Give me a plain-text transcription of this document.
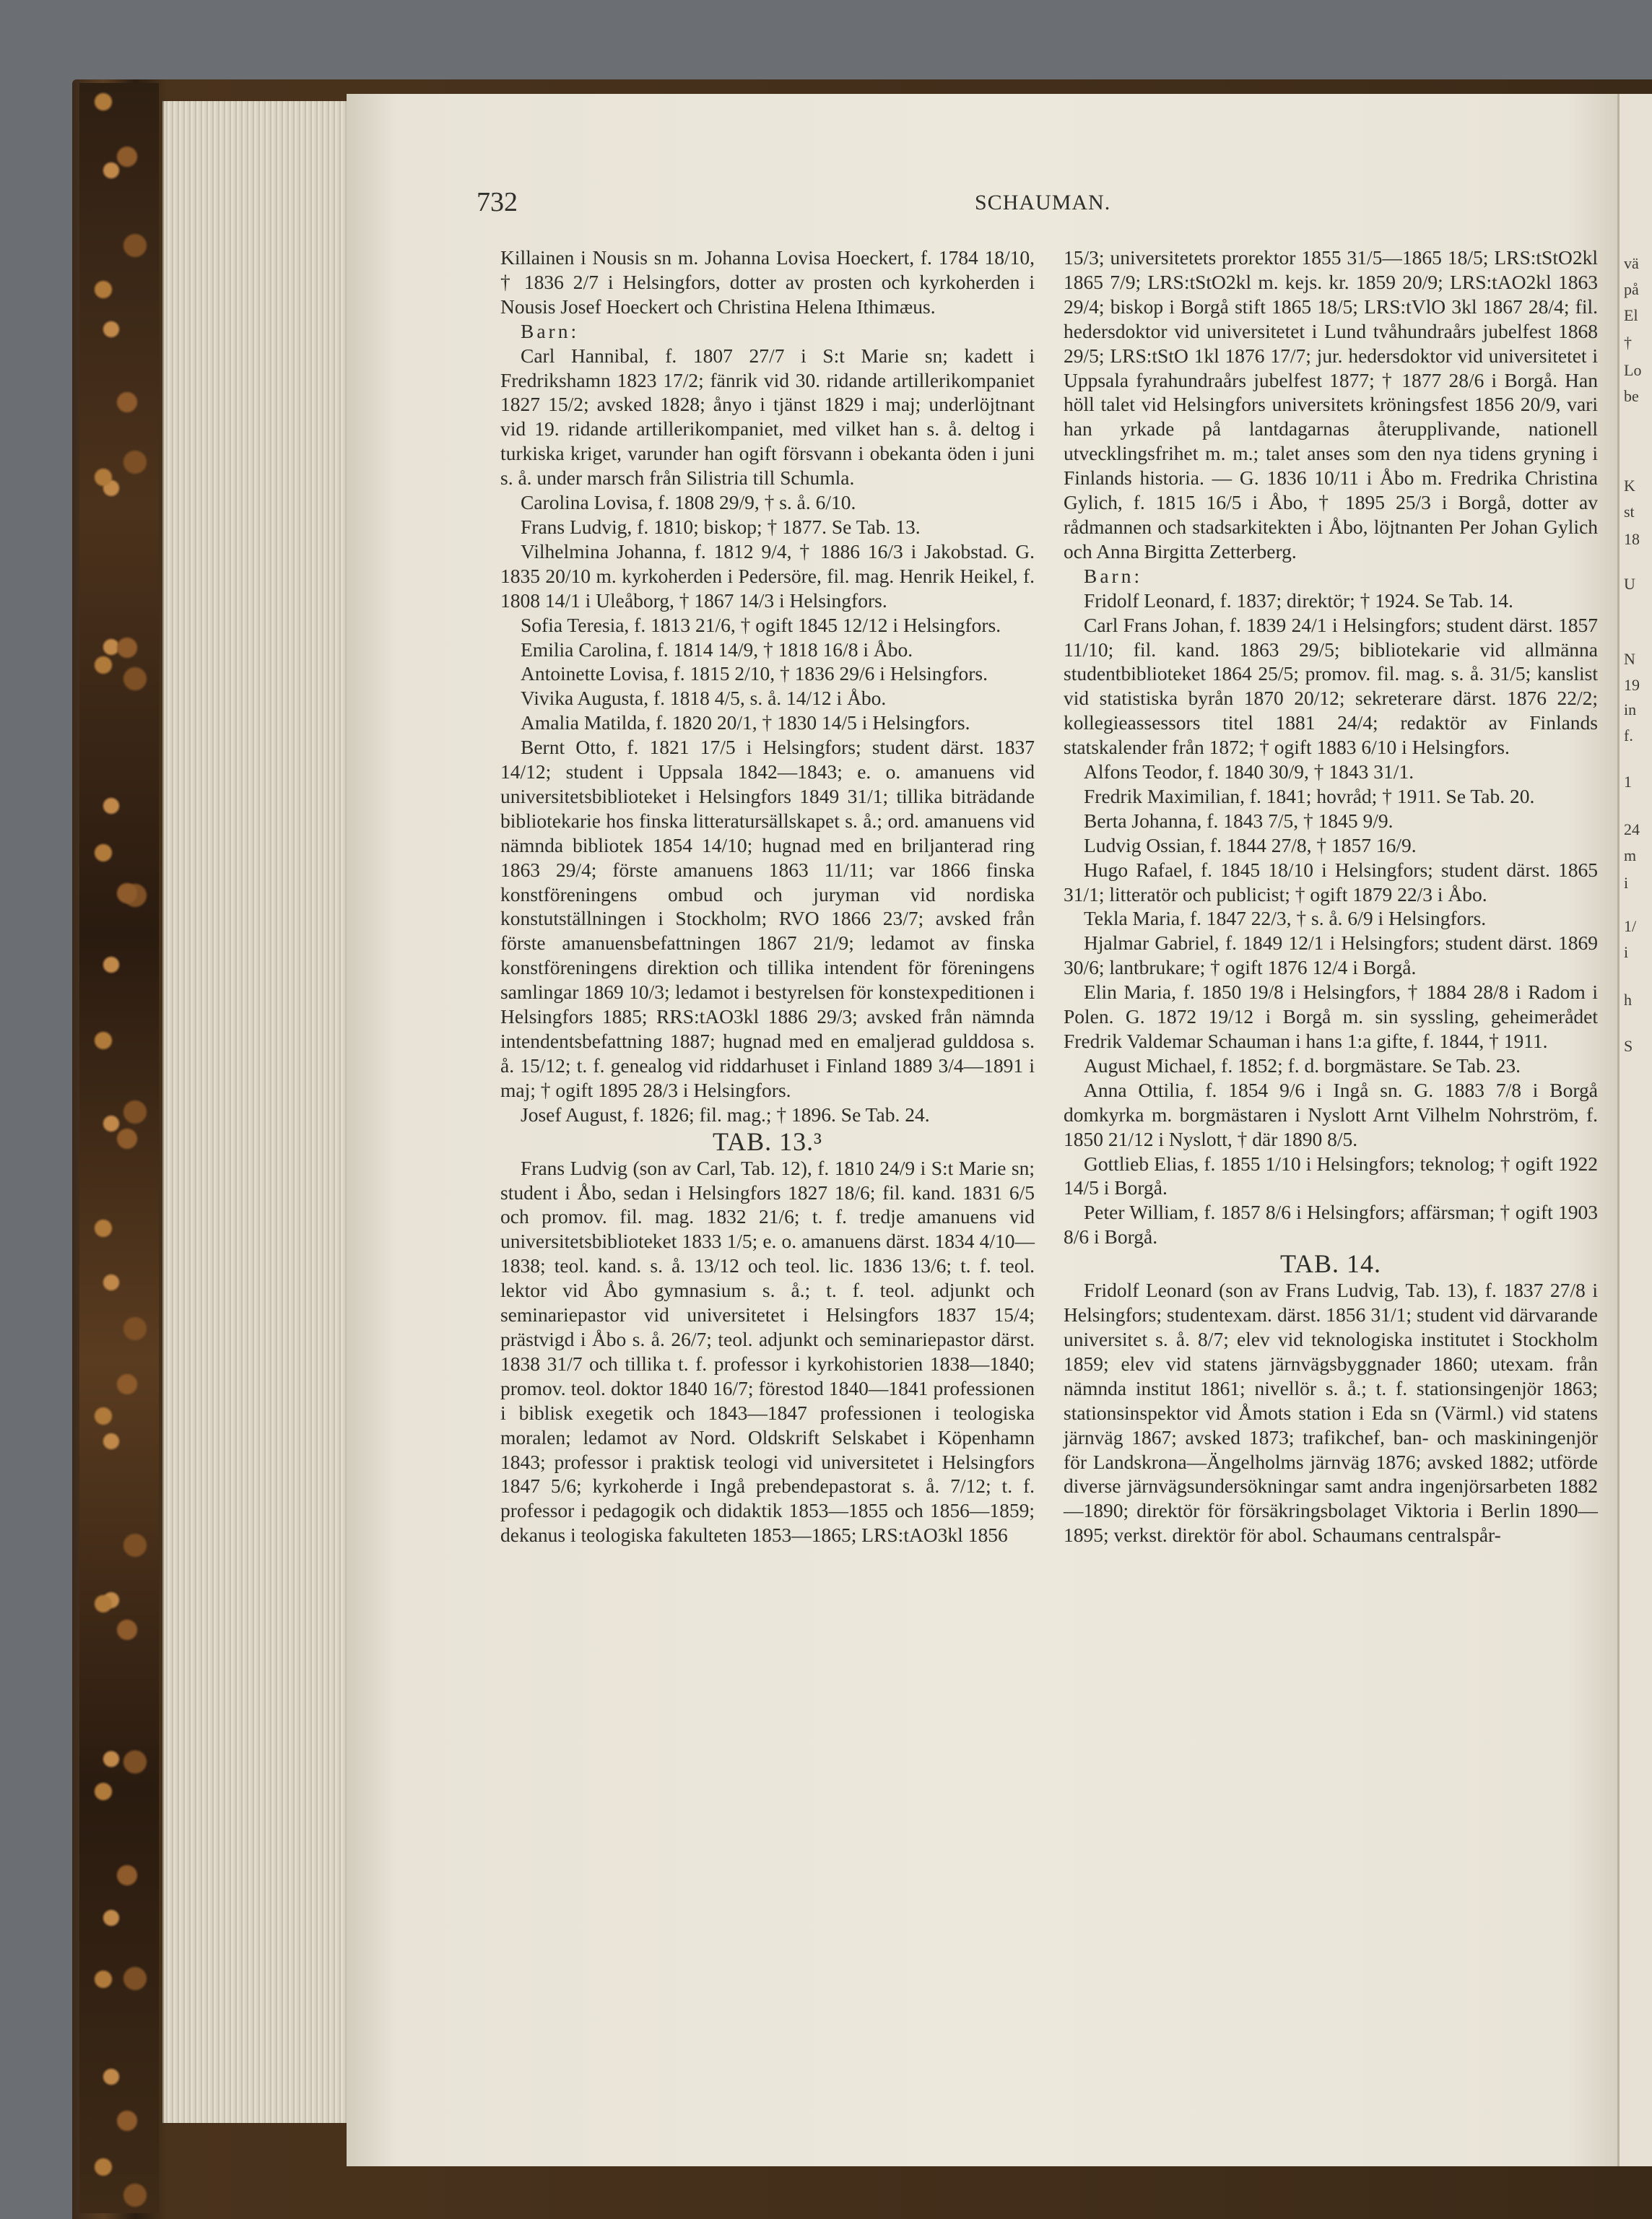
vä
på
El
†
Lo
be
K
st
18
U
N
19
in
f.
1
24
m
i
1/
i
h
S
732	SCHAUMAN.

Killainen i Nousis sn m. Johanna Lovisa Hoeckert, f. 1784 18/10, † 1836 2/7 i Helsingfors, dotter av prosten och kyrkoherden i Nousis Josef Hoeckert och Christina Helena Ithimæus.

Barn:

Carl Hannibal, f. 1807 27/7 i S:t Marie sn; kadett i Fredrikshamn 1823 17/2; fänrik vid 30. ridande artillerikompaniet 1827 15/2; avsked 1828; ånyo i tjänst 1829 i maj; underlöjtnant vid 19. ridande artillerikompaniet, med vilket han s. å. deltog i turkiska kriget, varunder han ogift försvann i obekanta öden i juni s. å. under marsch från Silistria till Schumla.

Carolina Lovisa, f. 1808 29/9, † s. å. 6/10.

Frans Ludvig, f. 1810; biskop; † 1877. Se Tab. 13.

Vilhelmina Johanna, f. 1812 9/4, † 1886 16/3 i Jakobstad. G. 1835 20/10 m. kyrkoherden i Pedersöre, fil. mag. Henrik Heikel, f. 1808 14/1 i Uleåborg, † 1867 14/3 i Helsingfors.

Sofia Teresia, f. 1813 21/6, † ogift 1845 12/12 i Helsingfors.

Emilia Carolina, f. 1814 14/9, † 1818 16/8 i Åbo.

Antoinette Lovisa, f. 1815 2/10, † 1836 29/6 i Helsingfors.

Vivika Augusta, f. 1818 4/5, s. å. 14/12 i Åbo.

Amalia Matilda, f. 1820 20/1, † 1830 14/5 i Helsingfors.

Bernt Otto, f. 1821 17/5 i Helsingfors; student därst. 1837 14/12; student i Uppsala 1842—1843; e. o. amanuens vid universitetsbiblioteket i Helsingfors 1849 31/1; tillika biträdande bibliotekarie hos finska litteratursällskapet s. å.; ord. amanuens vid nämnda bibliotek 1854 14/10; hugnad med en briljanterad ring 1863 29/4; förste amanuens 1863 11/11; var 1866 finska konstföreningens ombud och juryman vid nordiska konstutställningen i Stockholm; RVO 1866 23/7; avsked från förste amanuensbefattningen 1867 21/9; ledamot av finska konstföreningens direktion och tillika intendent för föreningens samlingar 1869 10/3; ledamot i bestyrelsen för konstexpeditionen i Helsingfors 1885; RRS:tAO3kl 1886 29/3; avsked från nämnda intendentsbefattning 1887; hugnad med en emaljerad gulddosa s. å. 15/12; t. f. genealog vid riddarhuset i Finland 1889 3/4—1891 i maj; † ogift 1895 28/3 i Helsingfors.

Josef August, f. 1826; fil. mag.; † 1896. Se Tab. 24.

TAB. 13.³

Frans Ludvig (son av Carl, Tab. 12), f. 1810 24/9 i S:t Marie sn; student i Åbo, sedan i Helsingfors 1827 18/6; fil. kand. 1831 6/5 och promov. fil. mag. 1832 21/6; t. f. tredje amanuens vid universitetsbiblioteket 1833 1/5; e. o. amanuens därst. 1834 4/10—1838; teol. kand. s. å. 13/12 och teol. lic. 1836 13/6; t. f. teol. lektor vid Åbo gymnasium s. å.; t. f. teol. adjunkt och seminariepastor vid universitetet i Helsingfors 1837 15/4; prästvigd i Åbo s. å. 26/7; teol. adjunkt och seminariepastor därst. 1838 31/7 och tillika t. f. professor i kyrkohistorien 1838—1840; promov. teol. doktor 1840 16/7; förestod 1840—1841 professionen i biblisk exegetik och 1843—1847 professionen i teologiska moralen; ledamot av Nord. Oldskrift Selskabet i Köpenhamn 1843; professor i praktisk teologi vid universitetet i Helsingfors 1847 5/6; kyrkoherde i Ingå prebendepastorat s. å. 7/12; t. f. professor i pedagogik och didaktik 1853—1855 och 1856—1859; dekanus i teologiska fakulteten 1853—1865; LRS:tAO3kl 1856

15/3; universitetets prorektor 1855 31/5—1865 18/5; LRS:tStO2kl 1865 7/9; LRS:tStO2kl m. kejs. kr. 1859 20/9; LRS:tAO2kl 1863 29/4; biskop i Borgå stift 1865 18/5; LRS:tVlO 3kl 1867 28/4; fil. hedersdoktor vid universitetet i Lund tvåhundraårs jubelfest 1868 29/5; LRS:tStO 1kl 1876 17/7; jur. hedersdoktor vid universitetet i Uppsala fyrahundraårs jubelfest 1877; † 1877 28/6 i Borgå. Han höll talet vid Helsingfors universitets kröningsfest 1856 20/9, vari han yrkade på lantdagarnas återupplivande, nationell utvecklingsfrihet m. m.; talet anses som den nya tidens gryning i Finlands historia. — G. 1836 10/11 i Åbo m. Fredrika Christina Gylich, f. 1815 16/5 i Åbo, † 1895 25/3 i Borgå, dotter av rådmannen och stadsarkitekten i Åbo, löjtnanten Per Johan Gylich och Anna Birgitta Zetterberg.

Barn:

Fridolf Leonard, f. 1837; direktör; † 1924. Se Tab. 14.

Carl Frans Johan, f. 1839 24/1 i Helsingfors; student därst. 1857 11/10; fil. kand. 1863 29/5; bibliotekarie vid allmänna studentbiblioteket 1864 25/5; promov. fil. mag. s. å. 31/5; kanslist vid statistiska byrån 1870 20/12; sekreterare därst. 1876 22/2; kollegieassessors titel 1881 24/4; redaktör av Finlands statskalender från 1872; † ogift 1883 6/10 i Helsingfors.

Alfons Teodor, f. 1840 30/9, † 1843 31/1.

Fredrik Maximilian, f. 1841; hovråd; † 1911. Se Tab. 20.

Berta Johanna, f. 1843 7/5, † 1845 9/9.

Ludvig Ossian, f. 1844 27/8, † 1857 16/9.

Hugo Rafael, f. 1845 18/10 i Helsingfors; student därst. 1865 31/1; litteratör och publicist; † ogift 1879 22/3 i Åbo.

Tekla Maria, f. 1847 22/3, † s. å. 6/9 i Helsingfors.

Hjalmar Gabriel, f. 1849 12/1 i Helsingfors; student därst. 1869 30/6; lantbrukare; † ogift 1876 12/4 i Borgå.

Elin Maria, f. 1850 19/8 i Helsingfors, † 1884 28/8 i Radom i Polen. G. 1872 19/12 i Borgå m. sin syssling, geheimerådet Fredrik Valdemar Schauman i hans 1:a gifte, f. 1844, † 1911.

August Michael, f. 1852; f. d. borgmästare. Se Tab. 23.

Anna Ottilia, f. 1854 9/6 i Ingå sn. G. 1883 7/8 i Borgå domkyrka m. borgmästaren i Nyslott Arnt Vilhelm Nohrström, f. 1850 21/12 i Nyslott, † där 1890 8/5.

Gottlieb Elias, f. 1855 1/10 i Helsingfors; teknolog; † ogift 1922 14/5 i Borgå.

Peter William, f. 1857 8/6 i Helsingfors; affärsman; † ogift 1903 8/6 i Borgå.

TAB. 14.

Fridolf Leonard (son av Frans Ludvig, Tab. 13), f. 1837 27/8 i Helsingfors; studentexam. därst. 1856 31/1; student vid därvarande universitet s. å. 8/7; elev vid teknologiska institutet i Stockholm 1859; elev vid statens järnvägsbyggnader 1860; utexam. från nämnda institut 1861; nivellör s. å.; t. f. stationsingenjör 1863; stationsinspektor vid Åmots station i Eda sn (Värml.) vid statens järnväg 1867; avsked 1873; trafikchef, ban- och maskiningenjör för Landskrona—Ängelholms järnväg 1876; avsked 1882; utförde diverse järnvägsundersökningar samt andra ingenjörsarbeten 1882—1890; direktör för försäkringsbolaget Viktoria i Berlin 1890—1895; verkst. direktör för abol. Schaumans centralspår-
